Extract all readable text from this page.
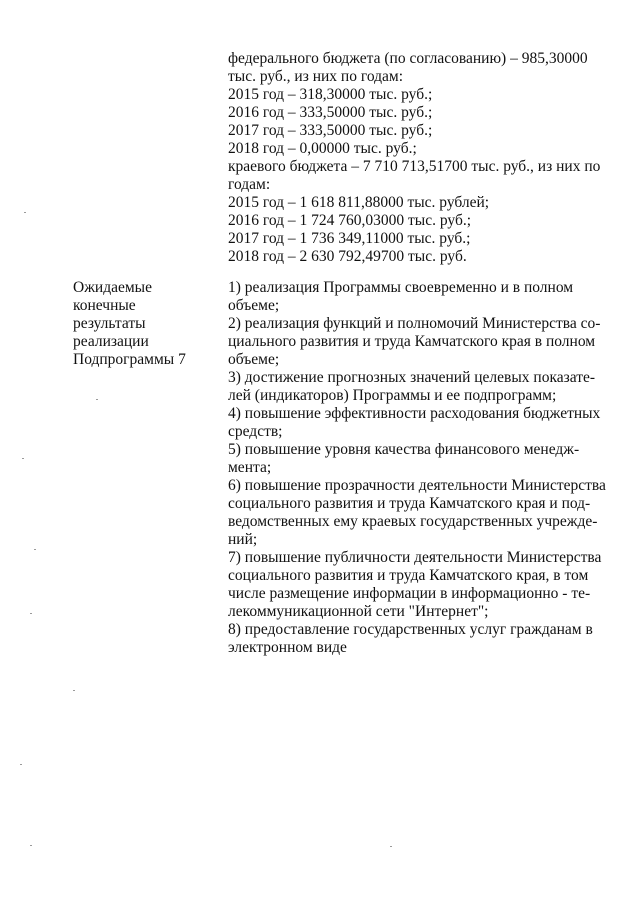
федерального бюджета (по согласованию) – 985,30000
тыс. руб., из них по годам:
2015 год – 318,30000 тыс. руб.;
2016 год – 333,50000 тыс. руб.;
2017 год – 333,50000 тыс. руб.;
2018 год – 0,00000 тыс. руб.;
краевого бюджета – 7 710 713,51700 тыс. руб., из них по
годам:
2015 год – 1 618 811,88000 тыс. рублей;
2016 год – 1 724 760,03000 тыс. руб.;
2017 год – 1 736 349,11000 тыс. руб.;
2018 год – 2 630 792,49700 тыс. руб.
Ожидаемые
конечные
результаты
реализации
Подпрограммы 7
1) реализация Программы своевременно и в полном
объеме;
2) реализация функций и полномочий Министерства со-
циального развития и труда Камчатского края в полном
объеме;
3) достижение прогнозных значений целевых показате-
лей (индикаторов) Программы и ее подпрограмм;
4) повышение эффективности расходования бюджетных
средств;
5) повышение уровня качества финансового менедж-
мента;
6) повышение прозрачности деятельности Министерства
социального развития и труда Камчатского края и под-
ведомственных ему краевых государственных учрежде-
ний;
7) повышение публичности деятельности Министерства
социального развития и труда Камчатского края, в том
числе размещение информации в информационно - те-
лекоммуникационной сети "Интернет";
8) предоставление государственных услуг гражданам в
электронном виде
